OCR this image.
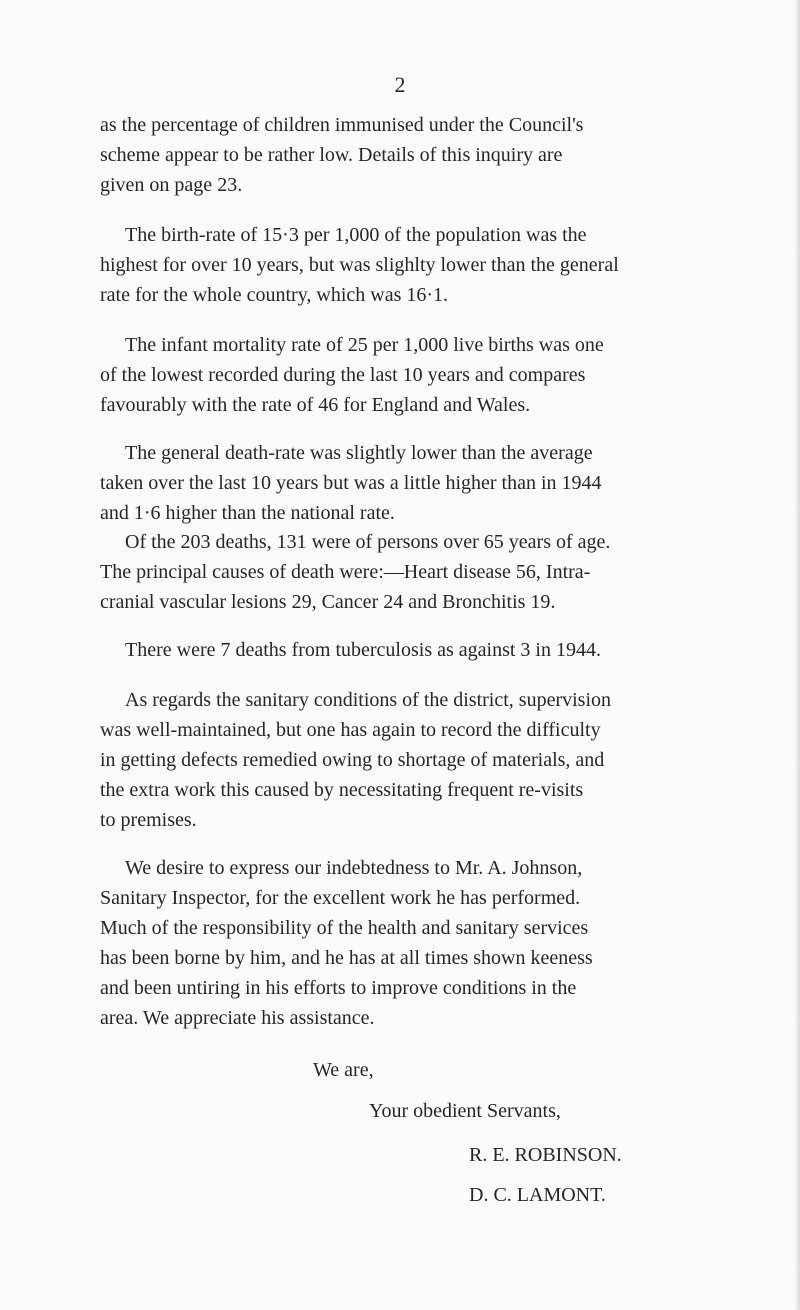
2

as the percentage of children immunised under the Council's
scheme appear to be rather low. Details of this inquiry are
given on page 23.

The birth-rate of 15·3 per 1,000 of the population was the
highest for over 10 years, but was slighlty lower than the general
rate for the whole country, which was 16·1.

The infant mortality rate of 25 per 1,000 live births was one
of the lowest recorded during the last 10 years and compares
favourably with the rate of 46 for England and Wales.

The general death-rate was slightly lower than the average
taken over the last 10 years but was a little higher than in 1944
and 1·6 higher than the national rate.

Of the 203 deaths, 131 were of persons over 65 years of age.
The principal causes of death were:—Heart disease 56, Intra-
cranial vascular lesions 29, Cancer 24 and Bronchitis 19.

There were 7 deaths from tuberculosis as against 3 in 1944.

As regards the sanitary conditions of the district, supervision
was well-maintained, but one has again to record the difficulty
in getting defects remedied owing to shortage of materials, and
the extra work this caused by necessitating frequent re-visits
to premises.

We desire to express our indebtedness to Mr. A. Johnson,
Sanitary Inspector, for the excellent work he has performed.
Much of the responsibility of the health and sanitary services
has been borne by him, and he has at all times shown keeness
and been untiring in his efforts to improve conditions in the
area. We appreciate his assistance.

We are,
Your obedient Servants,
R. E. ROBINSON.
D. C. LAMONT.
